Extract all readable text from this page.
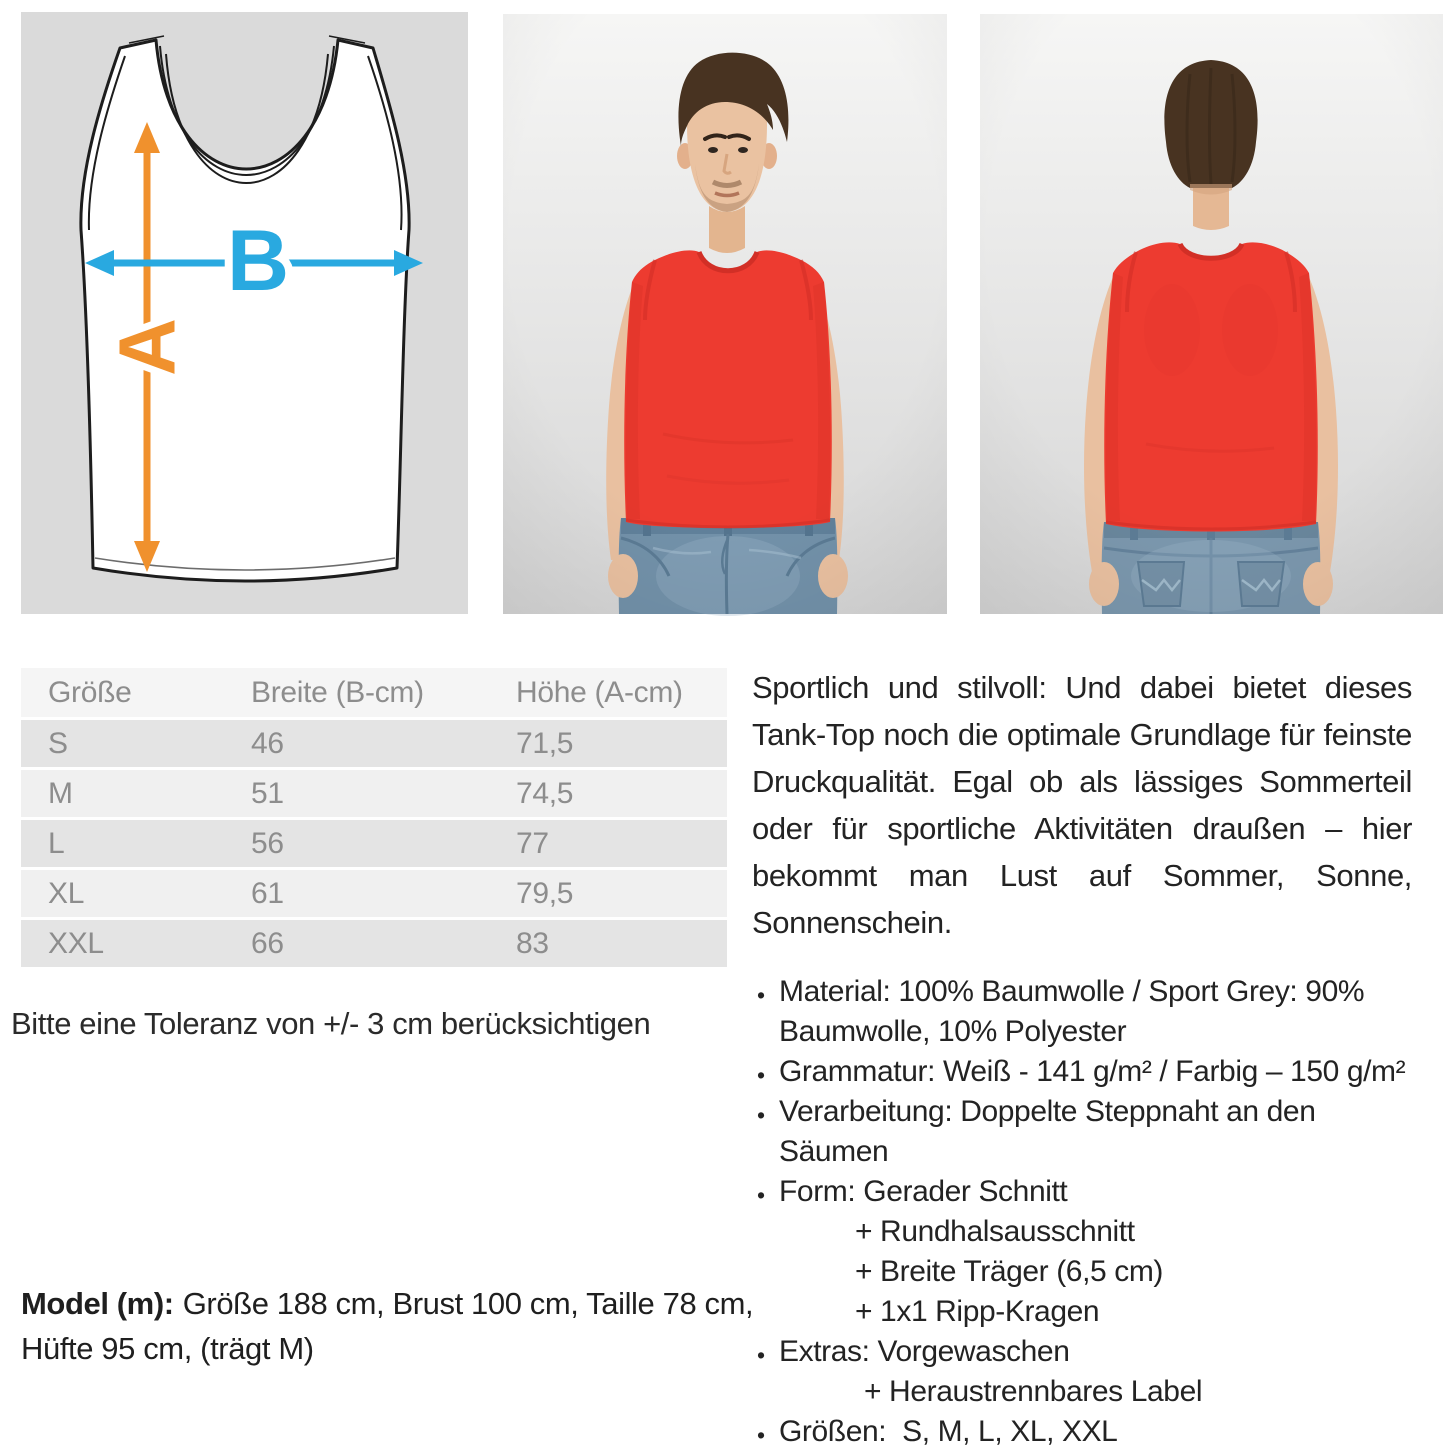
A
B
Größe	Breite (B-cm)	Höhe (A-cm)
S	46	71,5
M	51	74,5
L	56	77
XL	61	79,5
XXL	66	83
Bitte eine Toleranz von +/- 3 cm berücksichtigen
Model (m): Größe 188 cm, Brust 100 cm, Taille 78 cm, Hüfte 95 cm, (trägt M)
Sportlich und stilvoll: Und dabei bietet dieses Tank-Top noch die optimale Grundlage für feinste Druckqualität. Egal ob als lässiges Sommerteil oder für sportliche Aktivitäten draußen – hier bekommt man Lust auf Sommer, Sonne, Sonnenschein.
• Material: 100% Baumwolle / Sport Grey: 90% Baumwolle, 10% Polyester
• Grammatur: Weiß - 141 g/m² / Farbig – 150 g/m²
• Verarbeitung: Doppelte Steppnaht an den Säumen
• Form: Gerader Schnitt
+ Rundhalsausschnitt
+ Breite Träger (6,5 cm)
+ 1x1 Ripp-Kragen
• Extras: Vorgewaschen
+ Heraustrennbares Label
• Größen:  S, M, L, XL, XXL
